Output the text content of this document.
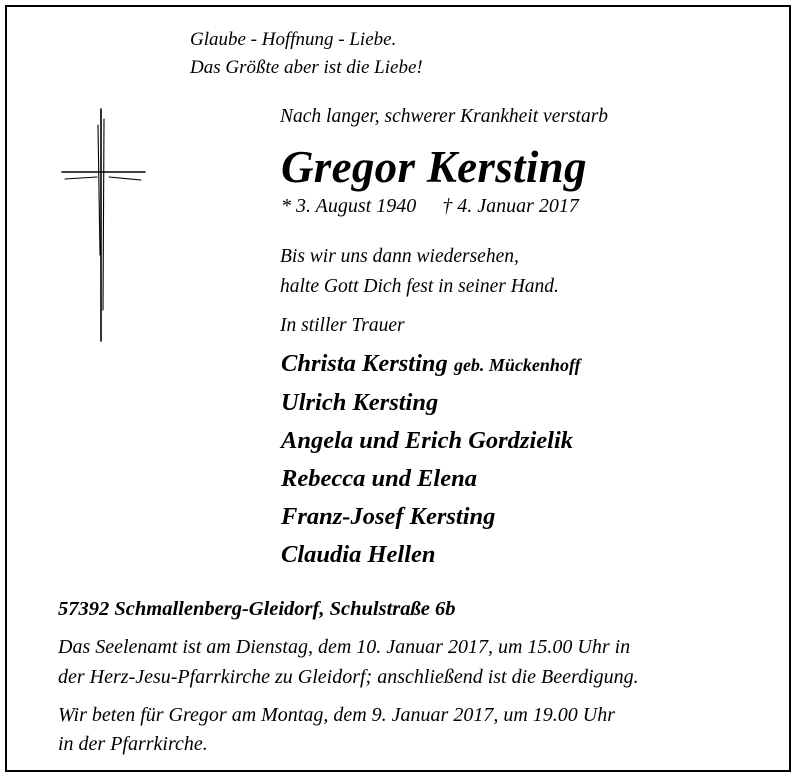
Glaube - Hoffnung - Liebe.
Das Größte aber ist die Liebe!
Nach langer, schwerer Krankheit verstarb
Gregor Kersting
* 3. August 1940 † 4. Januar 2017
Bis wir uns dann wiedersehen,
halte Gott Dich fest in seiner Hand.
In stiller Trauer
Christa Kersting geb. Mückenhoff
Ulrich Kersting
Angela und Erich Gordzielik
Rebecca und Elena
Franz-Josef Kersting
Claudia Hellen
57392 Schmallenberg-Gleidorf, Schulstraße 6b
Das Seelenamt ist am Dienstag, dem 10. Januar 2017, um 15.00 Uhr in
der Herz-Jesu-Pfarrkirche zu Gleidorf; anschließend ist die Beerdigung.
Wir beten für Gregor am Montag, dem 9. Januar 2017, um 19.00 Uhr
in der Pfarrkirche.
